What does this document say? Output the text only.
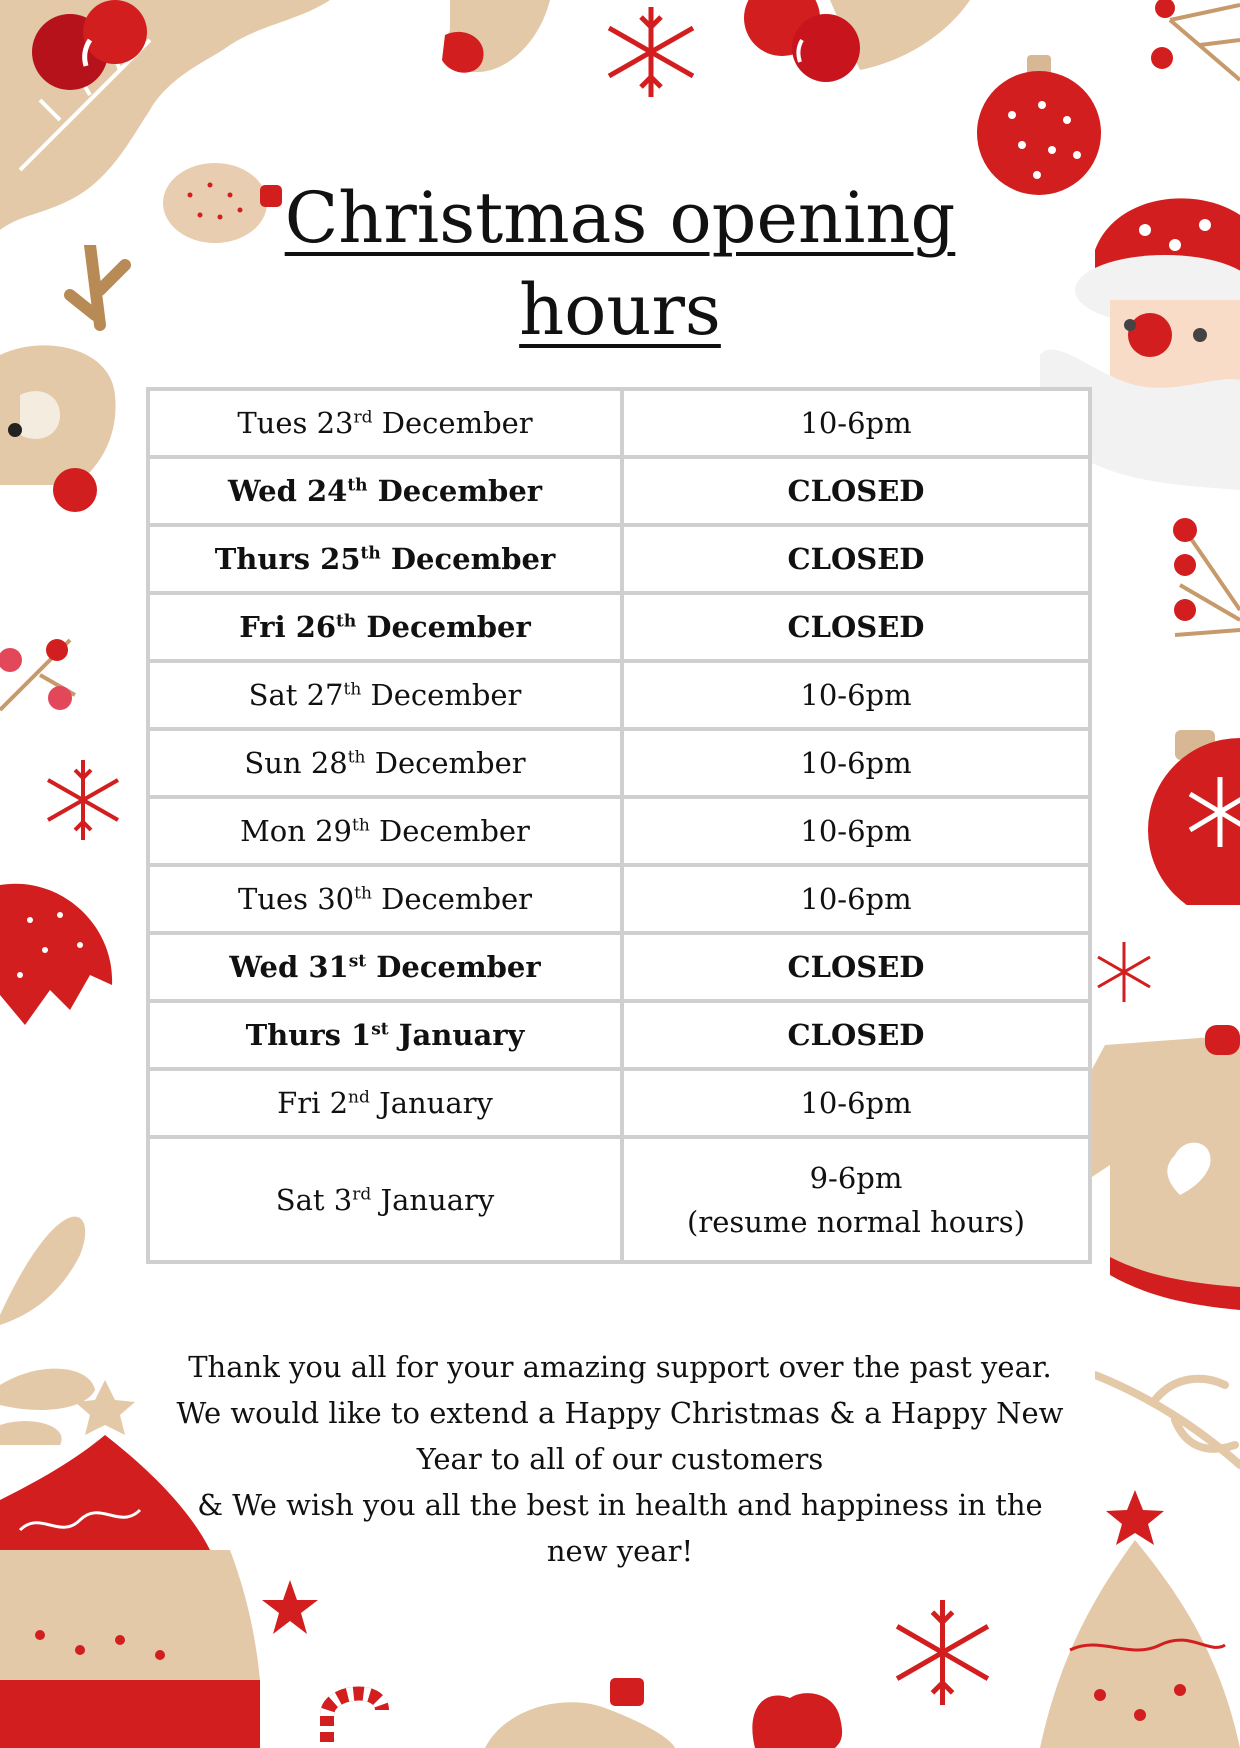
Christmas opening
hours
Tues 23rd December	10-6pm
Wed 24th December	CLOSED
Thurs 25th December	CLOSED
Fri 26th December	CLOSED
Sat 27th December	10-6pm
Sun 28th December	10-6pm
Mon 29th December	10-6pm
Tues 30th December	10-6pm
Wed 31st December	CLOSED
Thurs 1st January	CLOSED
Fri 2nd January	10-6pm
Sat 3rd January	9-6pm
(resume normal hours)
Thank you all for your amazing support over the past year.
We would like to extend a Happy Christmas & a Happy New
Year to all of our customers
& We wish you all the best in health and happiness in the
new year!
